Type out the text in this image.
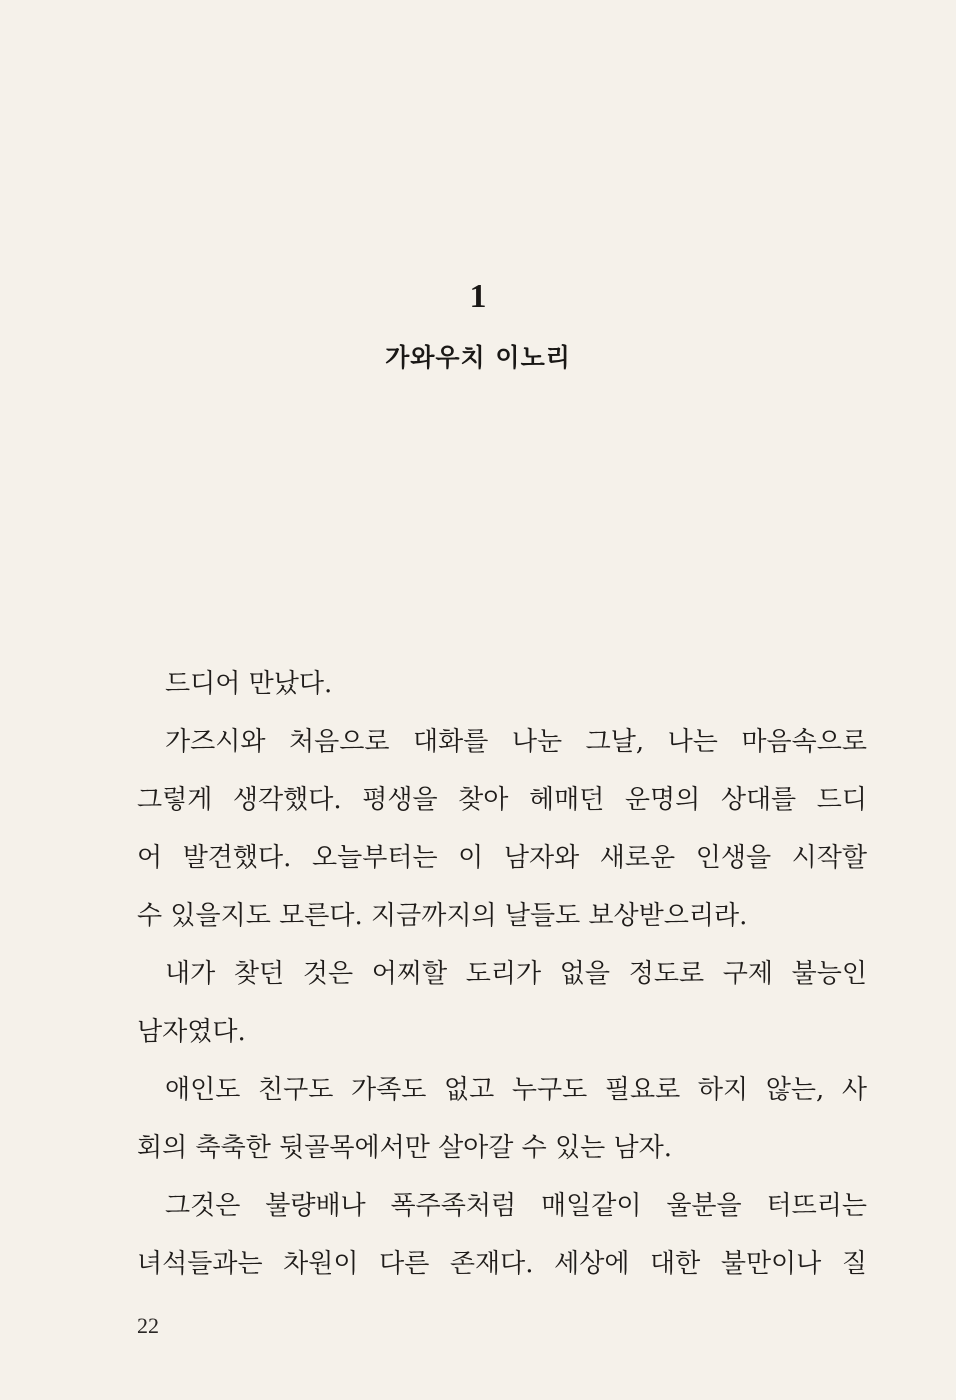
1
가와우치 이노리
드디어 만났다.
가즈시와 처음으로 대화를 나눈 그날, 나는 마음속으로
그렇게 생각했다. 평생을 찾아 헤매던 운명의 상대를 드디
어 발견했다. 오늘부터는 이 남자와 새로운 인생을 시작할
수 있을지도 모른다. 지금까지의 날들도 보상받으리라.
내가 찾던 것은 어찌할 도리가 없을 정도로 구제 불능인
남자였다.
애인도 친구도 가족도 없고 누구도 필요로 하지 않는, 사
회의 축축한 뒷골목에서만 살아갈 수 있는 남자.
그것은 불량배나 폭주족처럼 매일같이 울분을 터뜨리는
녀석들과는 차원이 다른 존재다. 세상에 대한 불만이나 질
22
